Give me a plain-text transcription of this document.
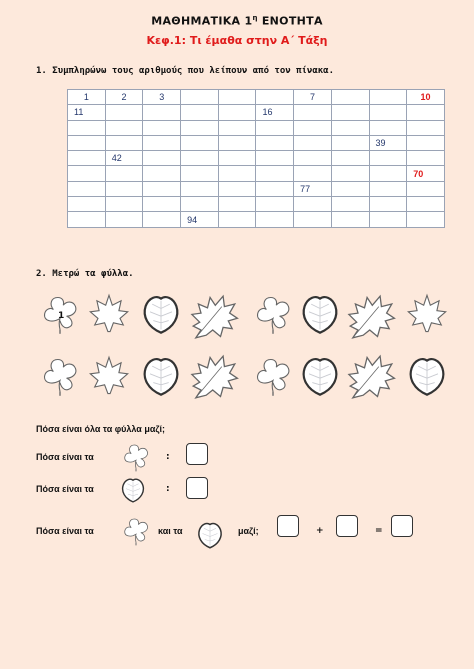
ΜΑΘΗΜΑΤΙΚΑ $1^\eta$ ΕΝΟΤΗΤΑ
Κεφ.1: Τι έμαθα στην Α΄ Τάξη
1. Συμπληρώνω τους αριθμούς που λείπουν από τον πίνακα.
1	2	3				7			10
11					16				

								39	
	42								
									70
						77			

			94						
2. Μετρώ τα φύλλα.
1
Πόσα είναι όλα τα φύλλα μαζί;
Πόσα είναι τα	:
Πόσα είναι τα	:
Πόσα είναι τα	και τα	μαζί;	+	=
